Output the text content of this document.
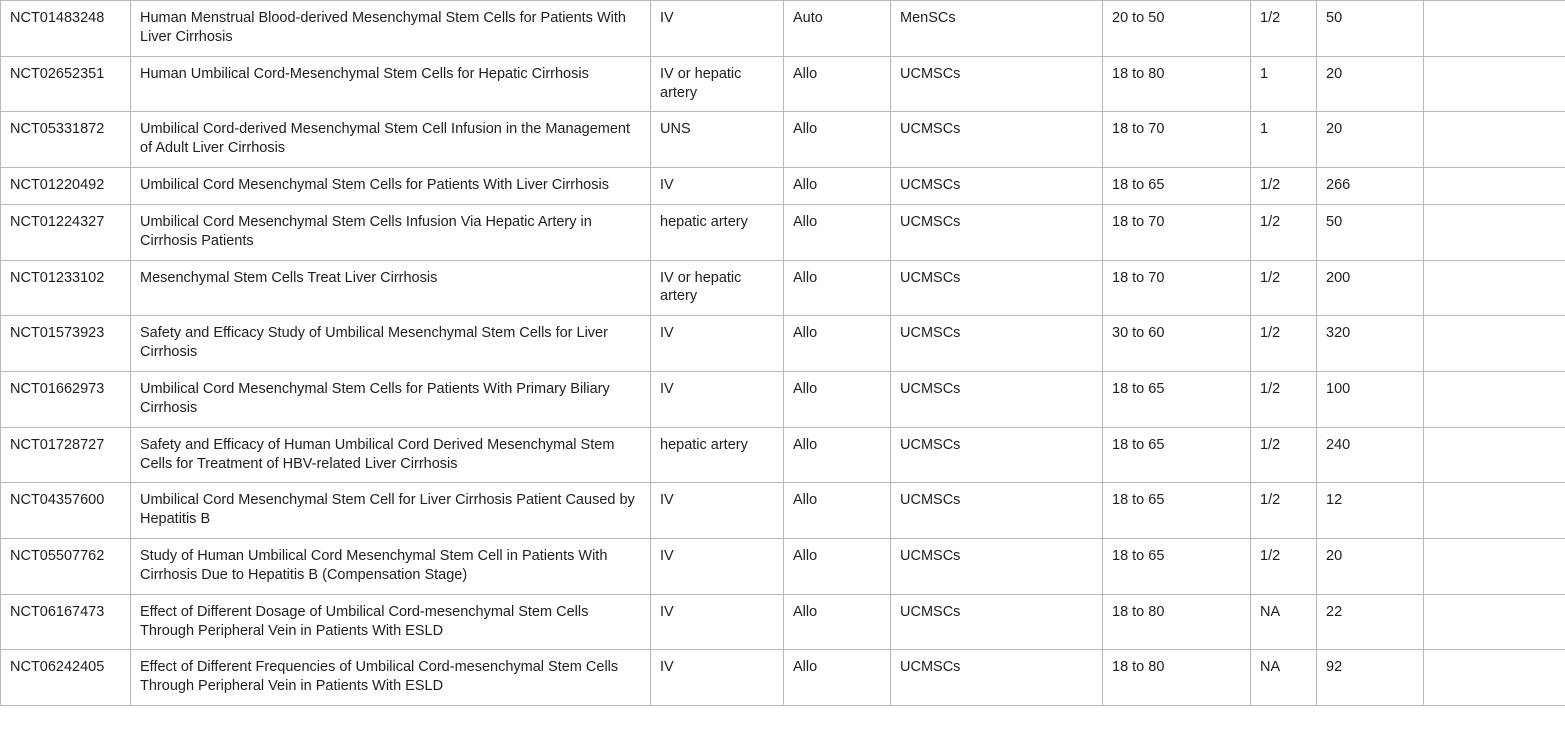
NCT01483248	Human Menstrual Blood-derived Mesenchymal Stem Cells for Patients With Liver Cirrhosis	IV	Auto	MenSCs	20 to 50	1/2	50	
NCT02652351	Human Umbilical Cord-Mesenchymal Stem Cells for Hepatic Cirrhosis	IV or hepatic artery	Allo	UCMSCs	18 to 80	1	20	
NCT05331872	Umbilical Cord-derived Mesenchymal Stem Cell Infusion in the Management of Adult Liver Cirrhosis	UNS	Allo	UCMSCs	18 to 70	1	20	
NCT01220492	Umbilical Cord Mesenchymal Stem Cells for Patients With Liver Cirrhosis	IV	Allo	UCMSCs	18 to 65	1/2	266	
NCT01224327	Umbilical Cord Mesenchymal Stem Cells Infusion Via Hepatic Artery in Cirrhosis Patients	hepatic artery	Allo	UCMSCs	18 to 70	1/2	50	
NCT01233102	Mesenchymal Stem Cells Treat Liver Cirrhosis	IV or hepatic artery	Allo	UCMSCs	18 to 70	1/2	200	
NCT01573923	Safety and Efficacy Study of Umbilical Mesenchymal Stem Cells for Liver Cirrhosis	IV	Allo	UCMSCs	30 to 60	1/2	320	
NCT01662973	Umbilical Cord Mesenchymal Stem Cells for Patients With Primary Biliary Cirrhosis	IV	Allo	UCMSCs	18 to 65	1/2	100	
NCT01728727	Safety and Efficacy of Human Umbilical Cord Derived Mesenchymal Stem Cells for Treatment of HBV-related Liver Cirrhosis	hepatic artery	Allo	UCMSCs	18 to 65	1/2	240	
NCT04357600	Umbilical Cord Mesenchymal Stem Cell for Liver Cirrhosis Patient Caused by Hepatitis B	IV	Allo	UCMSCs	18 to 65	1/2	12	
NCT05507762	Study of Human Umbilical Cord Mesenchymal Stem Cell in Patients With Cirrhosis Due to Hepatitis B (Compensation Stage)	IV	Allo	UCMSCs	18 to 65	1/2	20	
NCT06167473	Effect of Different Dosage of Umbilical Cord-mesenchymal Stem Cells Through Peripheral Vein in Patients With ESLD	IV	Allo	UCMSCs	18 to 80	NA	22	
NCT06242405	Effect of Different Frequencies of Umbilical Cord-mesenchymal Stem Cells Through Peripheral Vein in Patients With ESLD	IV	Allo	UCMSCs	18 to 80	NA	92	
